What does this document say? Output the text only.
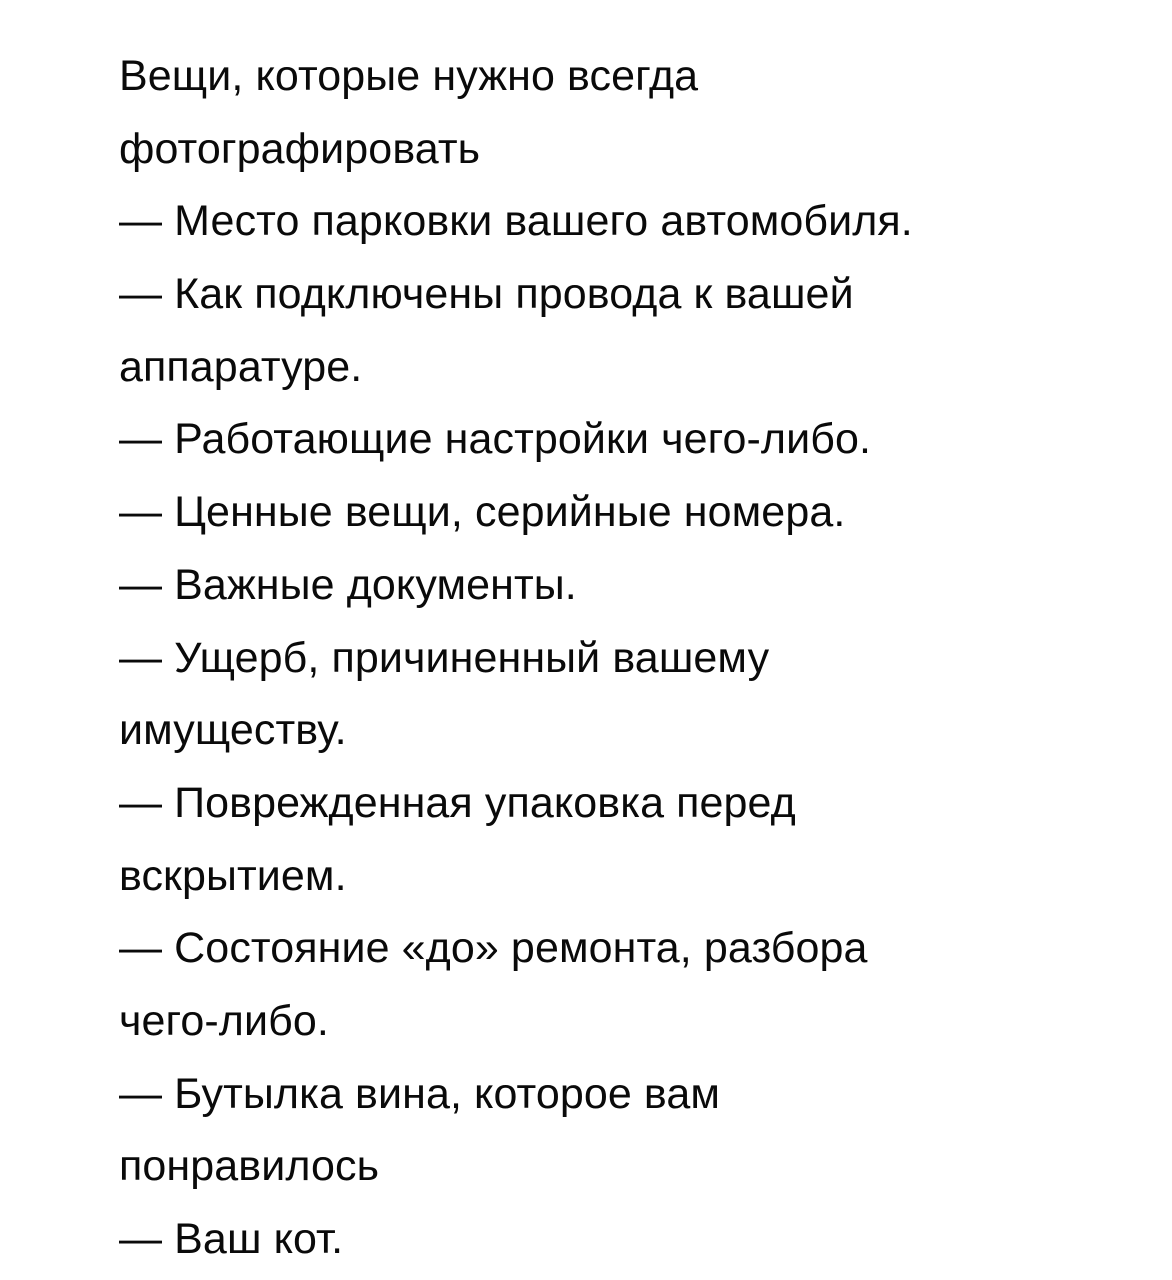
Вещи, которые нужно всегда
фотографировать
— Место парковки вашего автомобиля.
— Как подключены провода к вашей
аппаратуре.
— Работающие настройки чего-либо.
— Ценные вещи, серийные номера.
— Важные документы.
— Ущерб, причиненный вашему
имуществу.
— Поврежденная упаковка перед
вскрытием.
— Состояние «до» ремонта, разбора
чего-либо.
— Бутылка вина, которое вам
понравилось
— Ваш кот.
